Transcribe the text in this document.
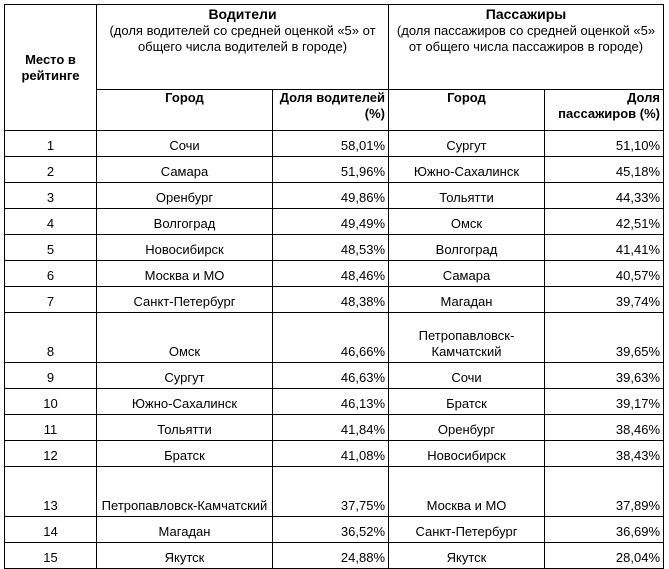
Место в рейтинге	Водители
(доля водителей со средней оценкой «5» от общего числа водителей в городе)		Пассажиры
(доля пассажиров со средней оценкой «5» от общего числа пассажиров в городе)	

	Город	Доля водителей (%)	Город	Доля пассажиров (%)
1	Сочи	58,01%	Сургут	51,10%
2	Самара	51,96%	Южно-Сахалинск	45,18%
3	Оренбург	49,86%	Тольятти	44,33%
4	Волгоград	49,49%	Омск	42,51%
5	Новосибирск	48,53%	Волгоград	41,41%
6	Москва и МО	48,46%	Самара	40,57%
7	Санкт-Петербург	48,38%	Магадан	39,74%
8	Омск	46,66%	Петропавловск-Камчатский	39,65%
9	Сургут	46,63%	Сочи	39,63%
10	Южно-Сахалинск	46,13%	Братск	39,17%
11	Тольятти	41,84%	Оренбург	38,46%
12	Братск	41,08%	Новосибирск	38,43%
13	Петропавловск-Камчатский	37,75%	Москва и МО	37,89%
14	Магадан	36,52%	Санкт-Петербург	36,69%
15	Якутск	24,88%	Якутск	28,04%
